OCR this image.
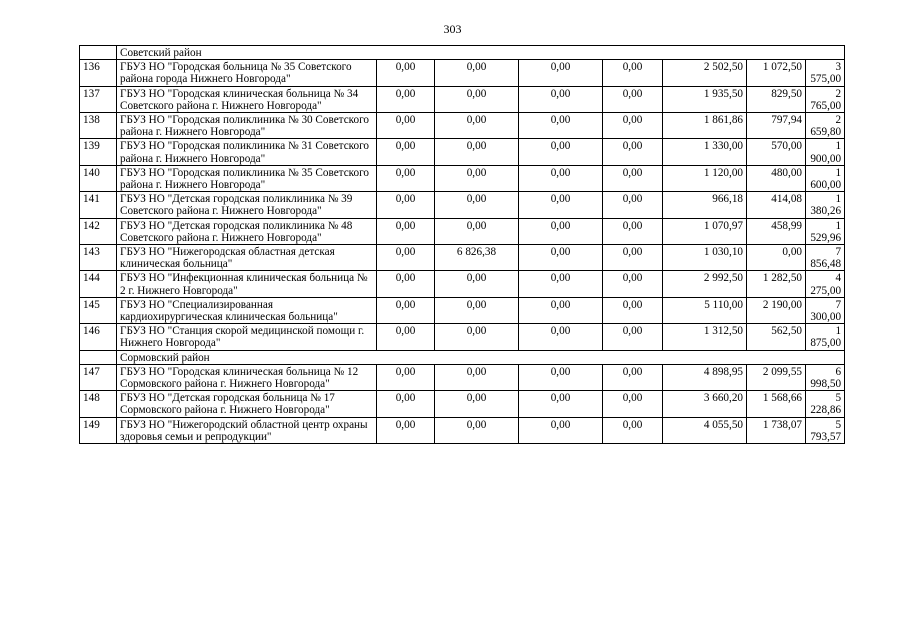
303
	Советский район							
136	ГБУЗ НО "Городская больница № 35 Советского района города Нижнего Новгорода"	0,00	0,00	0,00	0,00	2 502,50	1 072,50	3 575,00
137	ГБУЗ НО "Городская клиническая больница № 34 Советского района г. Нижнего Новгорода"	0,00	0,00	0,00	0,00	1 935,50	829,50	2 765,00
138	ГБУЗ НО "Городская поликлиника № 30 Советского района г. Нижнего Новгорода"	0,00	0,00	0,00	0,00	1 861,86	797,94	2 659,80
139	ГБУЗ НО "Городская поликлиника № 31 Советского района г. Нижнего Новгорода"	0,00	0,00	0,00	0,00	1 330,00	570,00	1 900,00
140	ГБУЗ НО "Городская поликлиника № 35 Советского района г. Нижнего Новгорода"	0,00	0,00	0,00	0,00	1 120,00	480,00	1 600,00
141	ГБУЗ НО "Детская городская поликлиника № 39 Советского района г. Нижнего Новгорода"	0,00	0,00	0,00	0,00	966,18	414,08	1 380,26
142	ГБУЗ НО "Детская городская поликлиника № 48 Советского района г. Нижнего Новгорода"	0,00	0,00	0,00	0,00	1 070,97	458,99	1 529,96
143	ГБУЗ НО "Нижегородская областная детская клиническая больница"	0,00	6 826,38	0,00	0,00	1 030,10	0,00	7 856,48
144	ГБУЗ НО "Инфекционная клиническая больница № 2 г. Нижнего Новгорода"	0,00	0,00	0,00	0,00	2 992,50	1 282,50	4 275,00
145	ГБУЗ НО "Специализированная кардиохирургическая клиническая больница"	0,00	0,00	0,00	0,00	5 110,00	2 190,00	7 300,00
146	ГБУЗ НО "Станция скорой медицинской помощи г. Нижнего Новгорода"	0,00	0,00	0,00	0,00	1 312,50	562,50	1 875,00
	Сормовский район							
147	ГБУЗ НО "Городская клиническая больница № 12 Сормовского района г. Нижнего Новгорода"	0,00	0,00	0,00	0,00	4 898,95	2 099,55	6 998,50
148	ГБУЗ НО "Детская городская больница № 17 Сормовского района г. Нижнего Новгорода"	0,00	0,00	0,00	0,00	3 660,20	1 568,66	5 228,86
149	ГБУЗ НО "Нижегородский областной центр охраны здоровья семьи и репродукции"	0,00	0,00	0,00	0,00	4 055,50	1 738,07	5 793,57
